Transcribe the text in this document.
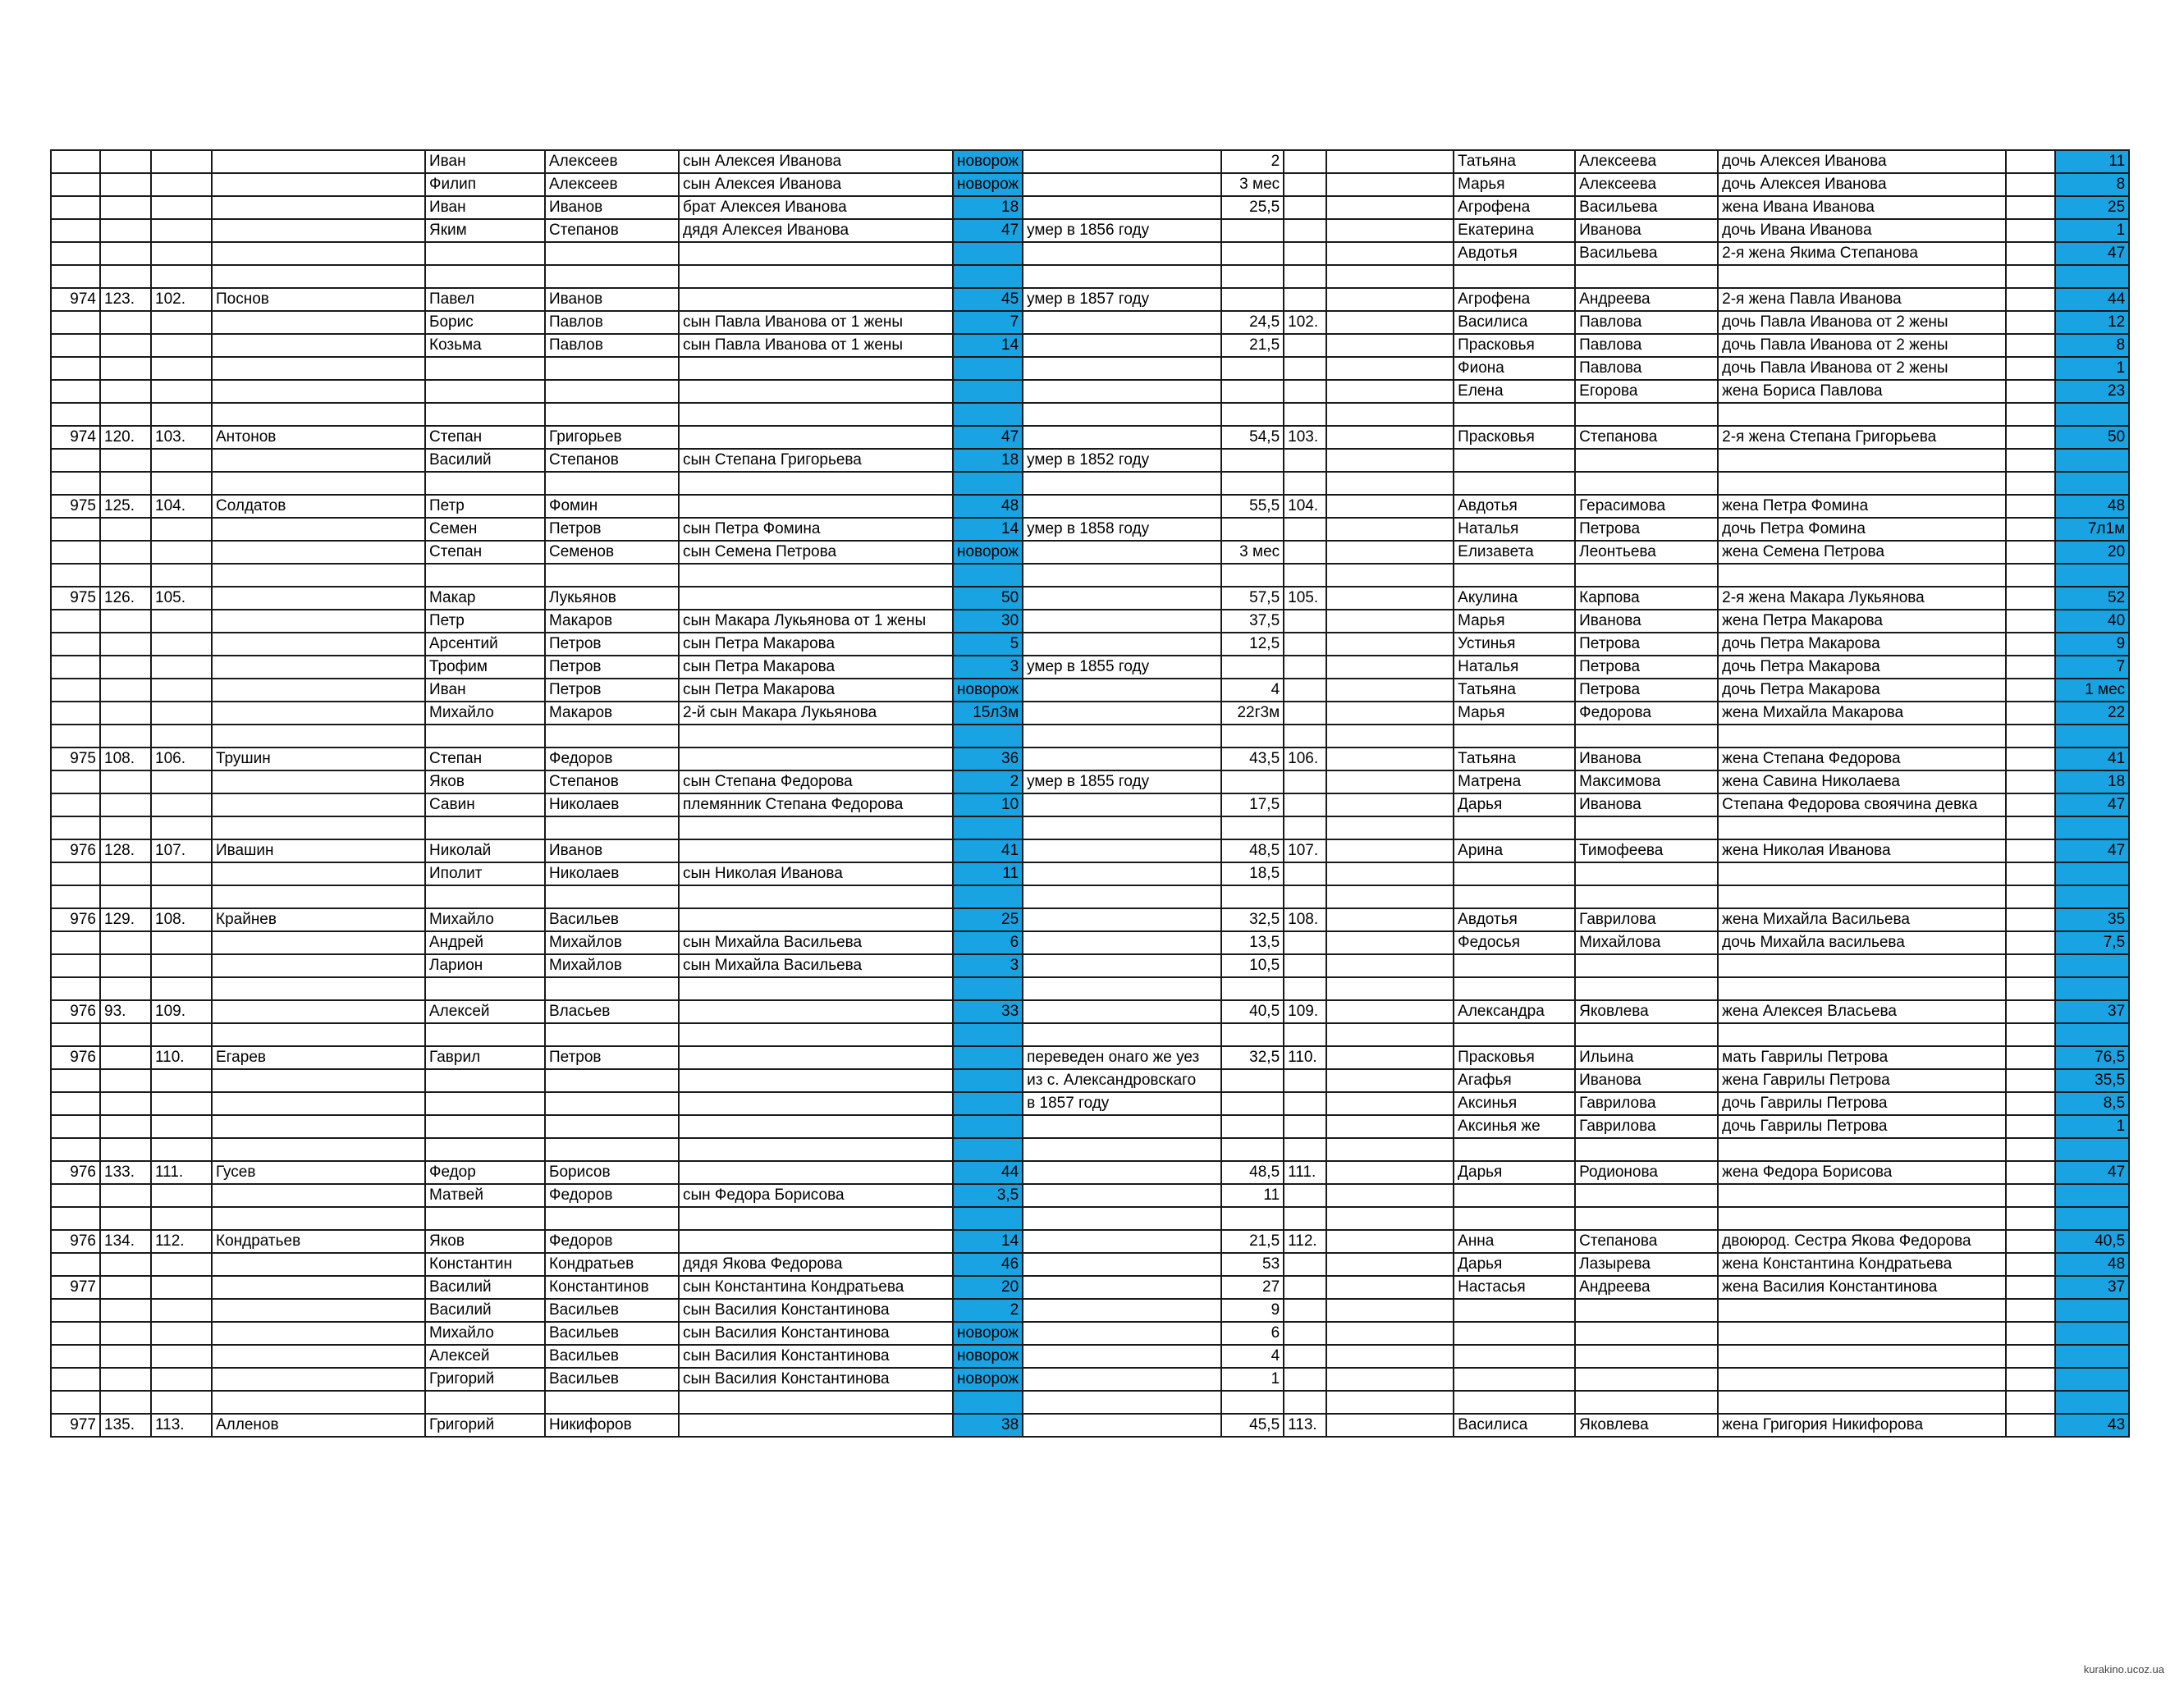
				Иван	Алексеев	сын Алексея Иванова	новорож		2			Татьяна	Алексеева	дочь Алексея Иванова		11
				Филип	Алексеев	сын Алексея Иванова	новорож		3 мес			Марья	Алексеева	дочь Алексея Иванова		8
				Иван	Иванов	брат Алексея Иванова	18		25,5			Агрофена	Васильева	жена Ивана Иванова		25
				Яким	Степанов	дядя Алексея Иванова	47	умер в 1856 году				Екатерина	Иванова	дочь Ивана Иванова		1
												Авдотья	Васильева	2-я жена Якима Степанова		47

974	123.	102.	Поснов	Павел	Иванов		45	умер в 1857 году				Агрофена	Андреева	2-я жена Павла Иванова		44
				Борис	Павлов	сын Павла Иванова от 1 жены	7		24,5	102.		Василиса	Павлова	дочь Павла Иванова от 2 жены		12
				Козьма	Павлов	сын Павла Иванова от 1 жены	14		21,5			Прасковья	Павлова	дочь Павла Иванова от 2 жены		8
												Фиона	Павлова	дочь Павла Иванова от 2 жены		1
												Елена	Егорова	жена Бориса Павлова		23

974	120.	103.	Антонов	Степан	Григорьев		47		54,5	103.		Прасковья	Степанова	2-я жена Степана Григорьева		50
				Василий	Степанов	сын Степана Григорьева	18	умер в 1852 году								

975	125.	104.	Солдатов	Петр	Фомин		48		55,5	104.		Авдотья	Герасимова	жена Петра Фомина		48
				Семен	Петров	сын Петра Фомина	14	умер в 1858 году				Наталья	Петрова	дочь Петра Фомина		7л1м
				Степан	Семенов	сын Семена Петрова	новорож		3 мес			Елизавета	Леонтьева	жена Семена Петрова		20

975	126.	105.		Макар	Лукьянов		50		57,5	105.		Акулина	Карпова	2-я жена Макара Лукьянова		52
				Петр	Макаров	сын Макара Лукьянова от 1 жены	30		37,5			Марья	Иванова	жена Петра Макарова		40
				Арсентий	Петров	сын Петра Макарова	5		12,5			Устинья	Петрова	дочь Петра Макарова		9
				Трофим	Петров	сын Петра Макарова	3	умер в 1855 году				Наталья	Петрова	дочь Петра Макарова		7
				Иван	Петров	сын Петра Макарова	новорож		4			Татьяна	Петрова	дочь Петра Макарова		1 мес
				Михайло	Макаров	2-й сын Макара Лукьянова	15л3м		22г3м			Марья	Федорова	жена Михайла Макарова		22

975	108.	106.	Трушин	Степан	Федоров		36		43,5	106.		Татьяна	Иванова	жена Степана Федорова		41
				Яков	Степанов	сын Степана Федорова	2	умер в 1855 году				Матрена	Максимова	жена Савина Николаева		18
				Савин	Николаев	племянник Степана Федорова	10		17,5			Дарья	Иванова	Степана Федорова своячина девка		47

976	128.	107.	Ивашин	Николай	Иванов		41		48,5	107.		Арина	Тимофеева	жена Николая Иванова		47
				Иполит	Николаев	сын Николая Иванова	11		18,5							

976	129.	108.	Крайнев	Михайло	Васильев		25		32,5	108.		Авдотья	Гаврилова	жена Михайла Васильева		35
				Андрей	Михайлов	сын Михайла Васильева	6		13,5			Федосья	Михайлова	дочь Михайла васильева		7,5
				Ларион	Михайлов	сын Михайла Васильева	3		10,5							

976	93.	109.		Алексей	Власьев		33		40,5	109.		Александра	Яковлева	жена Алексея Власьева		37

976		110.	Егарев	Гаврил	Петров			переведен онаго же уез	32,5	110.		Прасковья	Ильина	мать Гаврилы Петрова		76,5
								из с. Александровскаго				Агафья	Иванова	жена Гаврилы Петрова		35,5
								в 1857 году				Аксинья	Гаврилова	дочь Гаврилы Петрова		8,5
												Аксинья же	Гаврилова	дочь Гаврилы Петрова		1

976	133.	111.	Гусев	Федор	Борисов		44		48,5	111.		Дарья	Родионова	жена Федора Борисова		47
				Матвей	Федоров	сын Федора Борисова	3,5		11							

976	134.	112.	Кондратьев	Яков	Федоров		14		21,5	112.		Анна	Степанова	двоюрод. Сестра Якова Федорова		40,5
				Константин	Кондратьев	дядя Якова Федорова	46		53			Дарья	Лазырева	жена Константина Кондратьева		48
977				Василий	Константинов	сын Константина Кондратьева	20		27			Настасья	Андреева	жена Василия Константинова		37
				Василий	Васильев	сын Василия Константинова	2		9							
				Михайло	Васильев	сын Василия Константинова	новорож		6							
				Алексей	Васильев	сын Василия Константинова	новорож		4							
				Григорий	Васильев	сын Василия Константинова	новорож		1							

977	135.	113.	Алленов	Григорий	Никифоров		38		45,5	113.		Василиса	Яковлева	жена Григория Никифорова		43
kurakino.ucoz.ua
